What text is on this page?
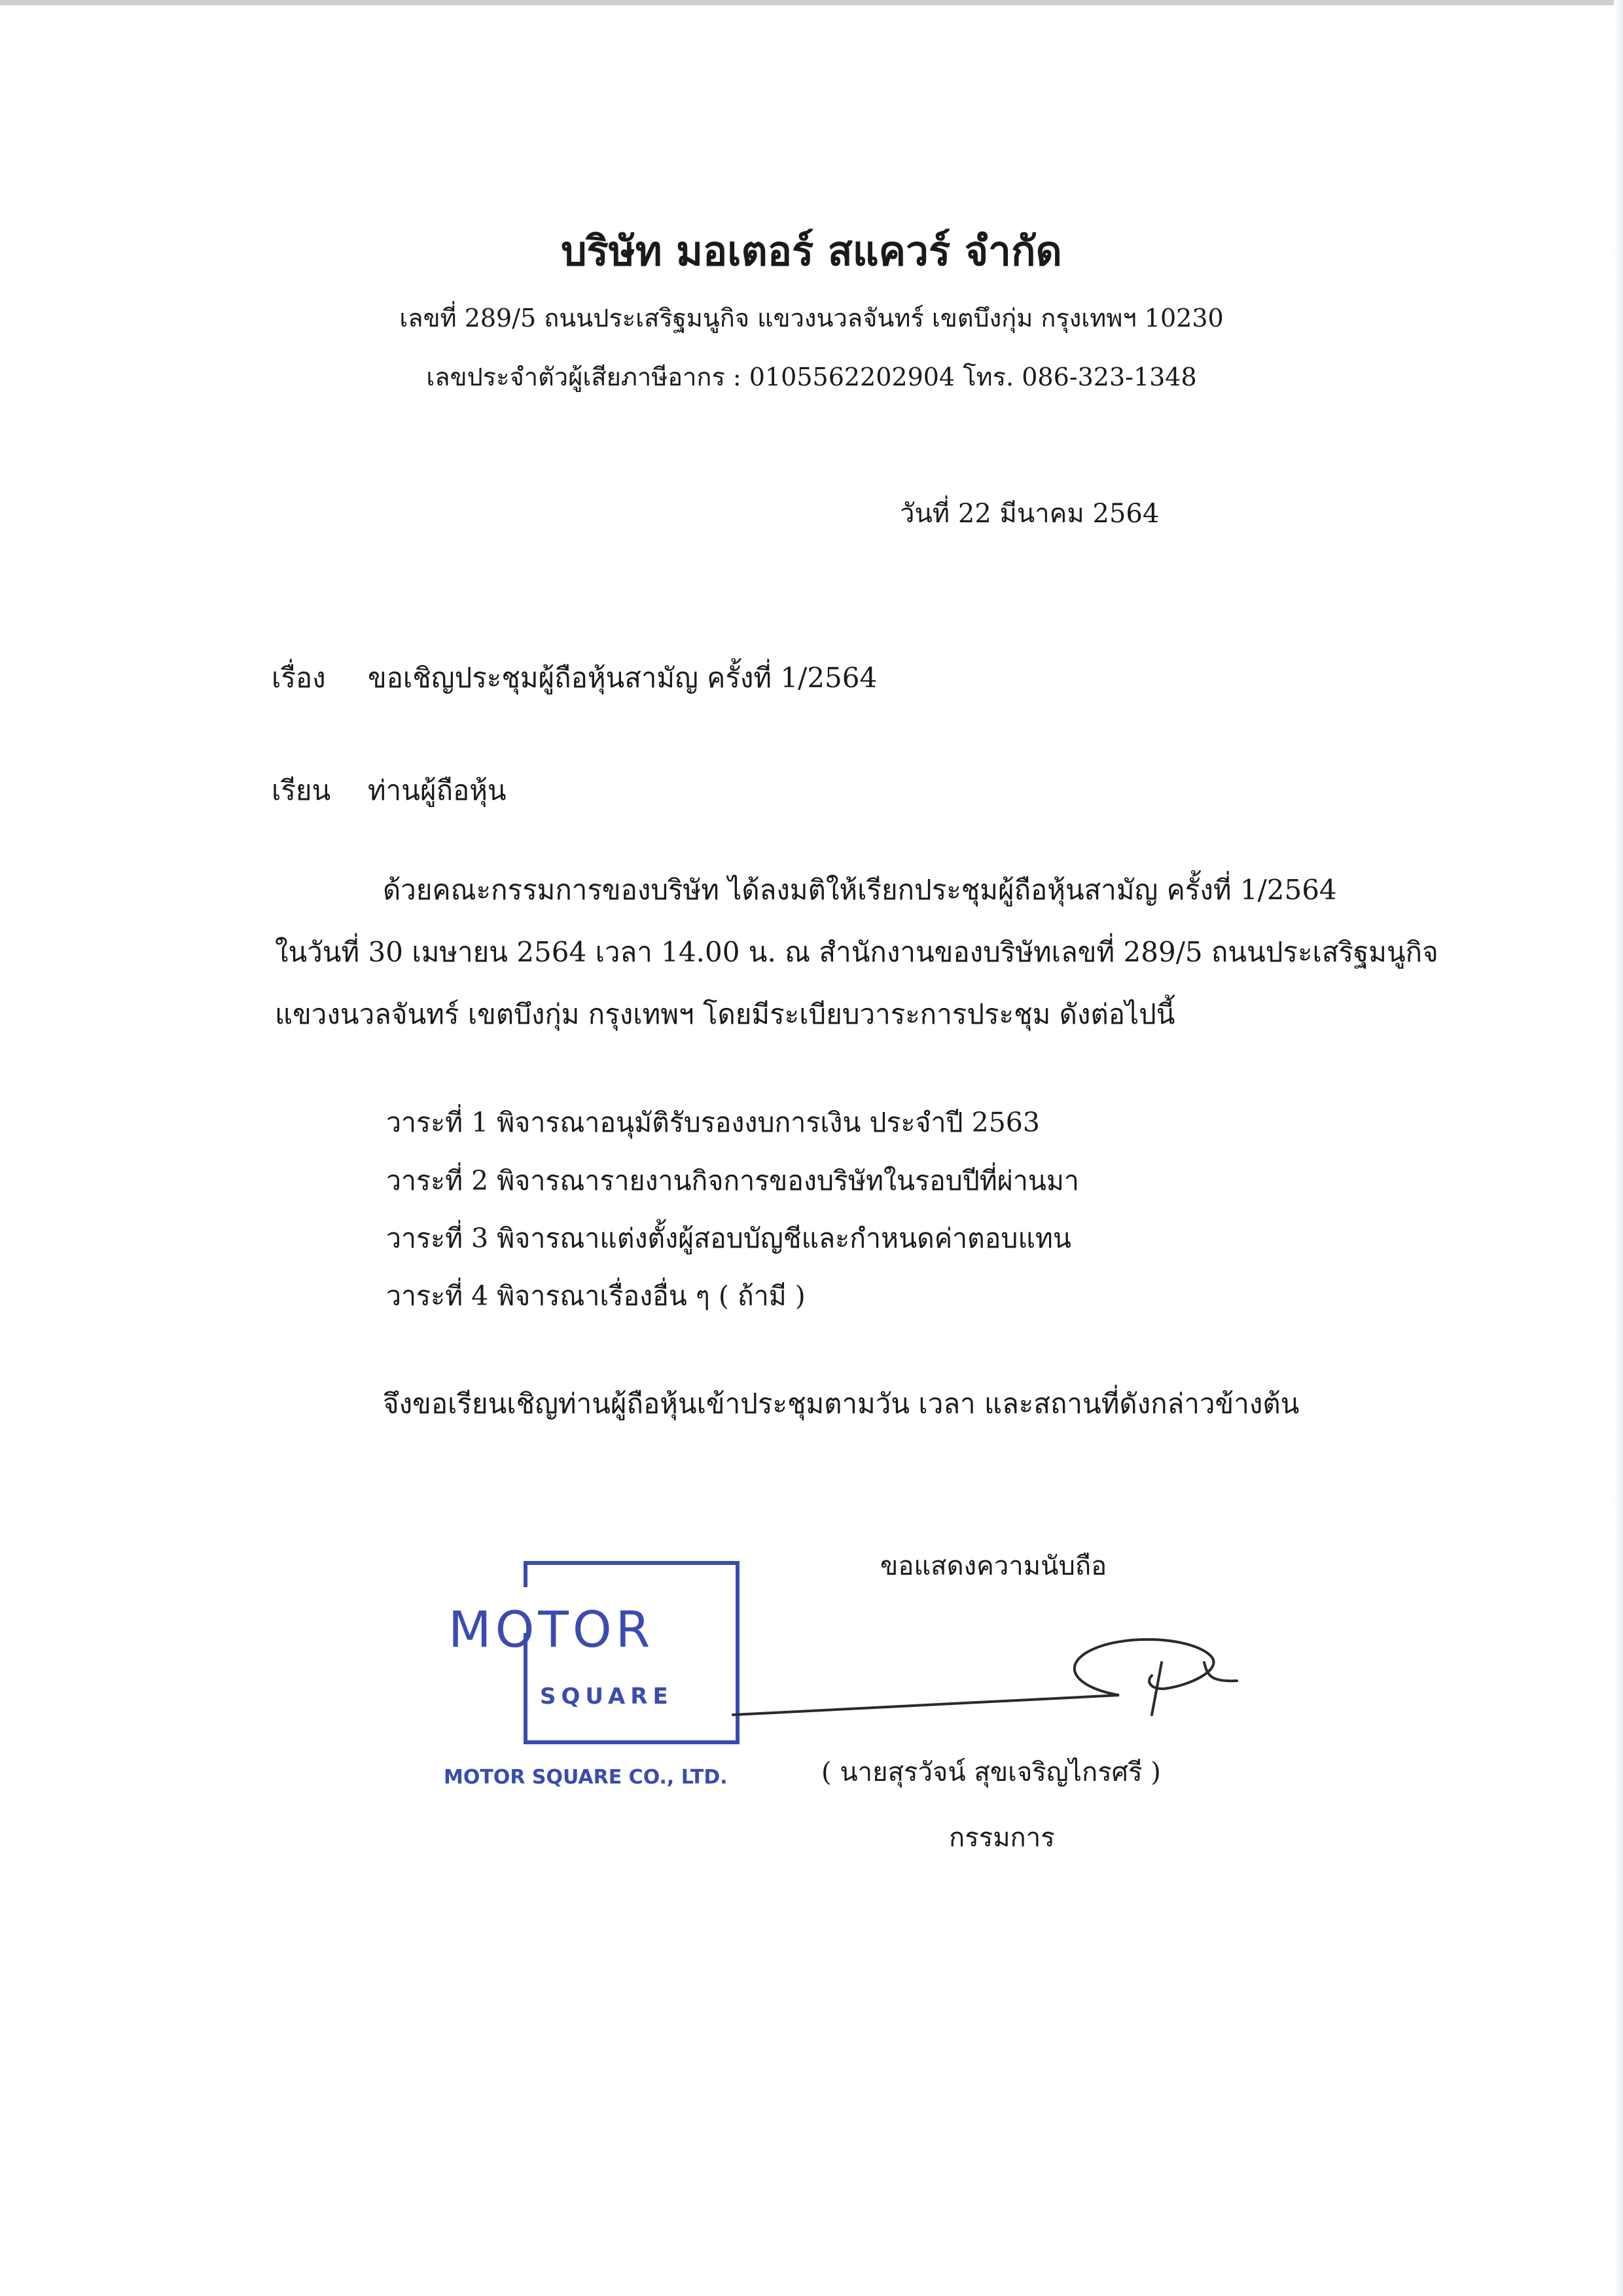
บริษัท มอเตอร์ สแควร์ จำกัด
เลขที่ 289/5 ถนนประเสริฐมนูกิจ แขวงนวลจันทร์ เขตบึงกุ่ม กรุงเทพฯ 10230
เลขประจำตัวผู้เสียภาษีอากร : 0105562202904 โทร. 086-323-1348
วันที่ 22 มีนาคม 2564
เรื่อง ขอเชิญประชุมผู้ถือหุ้นสามัญ ครั้งที่ 1/2564
เรียน ท่านผู้ถือหุ้น
ด้วยคณะกรรมการของบริษัท ได้ลงมติให้เรียกประชุมผู้ถือหุ้นสามัญ ครั้งที่ 1/2564
ในวันที่ 30 เมษายน 2564 เวลา 14.00 น. ณ สำนักงานของบริษัทเลขที่ 289/5 ถนนประเสริฐมนูกิจ
แขวงนวลจันทร์ เขตบึงกุ่ม กรุงเทพฯ โดยมีระเบียบวาระการประชุม ดังต่อไปนี้
วาระที่ 1 พิจารณาอนุมัติรับรองงบการเงิน ประจำปี 2563
วาระที่ 2 พิจารณารายงานกิจการของบริษัทในรอบปีที่ผ่านมา
วาระที่ 3 พิจารณาแต่งตั้งผู้สอบบัญชีและกำหนดค่าตอบแทน
วาระที่ 4 พิจารณาเรื่องอื่น ๆ ( ถ้ามี )
จึงขอเรียนเชิญท่านผู้ถือหุ้นเข้าประชุมตามวัน เวลา และสถานที่ดังกล่าวข้างต้น
ขอแสดงความนับถือ
MOTOR
SQUARE
MOTOR SQUARE CO., LTD.	( นายสุรวัจน์ สุขเจริญไกรศรี )
กรรมการ
